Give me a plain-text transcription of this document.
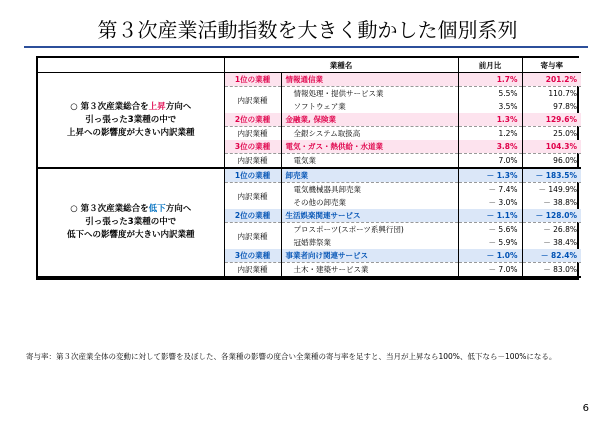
第３次産業活動指数を大きく動かした個別系列
	業種名		前月比	寄与率

○ 第３次産業総合を上昇方向へ
引っ張った3業種の中で
上昇への影響度が大きい内訳業種	1位の業種	情報通信業	1.7%	201.2%
	内訳業種	情報処理・提供サービス業	5.5%	110.7%
		ソフトウェア業	3.5%	97.8%
	2位の業種	金融業, 保険業	1.3%	129.6%
	内訳業種	全銀システム取扱高	1.2%	25.0%
	3位の業種	電気・ガス・熱供給・水道業	3.8%	104.3%
	内訳業種	電気業	7.0%	96.0%

○ 第３次産業総合を低下方向へ
引っ張った3業種の中で
低下への影響度が大きい内訳業種	1位の業種	卸売業	－ 1.3%	－ 183.5%
	内訳業種	電気機械器具卸売業	－ 7.4%	－ 149.9%
		その他の卸売業	－ 3.0%	－ 38.8%
	2位の業種	生活娯楽関連サービス	－ 1.1%	－ 128.0%
	内訳業種	プロスポーツ(スポーツ系興行団)	－ 5.6%	－ 26.8%
		冠婚葬祭業	－ 5.9%	－ 38.4%
	3位の業種	事業者向け関連サービス	－ 1.0%	－ 82.4%
	内訳業種	土木・建築サービス業	－ 7.0%	－ 83.0%
寄与率：第３次産業全体の変動に対して影響を及ぼした、各業種の影響の度合い全業種の寄与率を足すと、当月が上昇なら100%、低下なら－100%になる。
6
